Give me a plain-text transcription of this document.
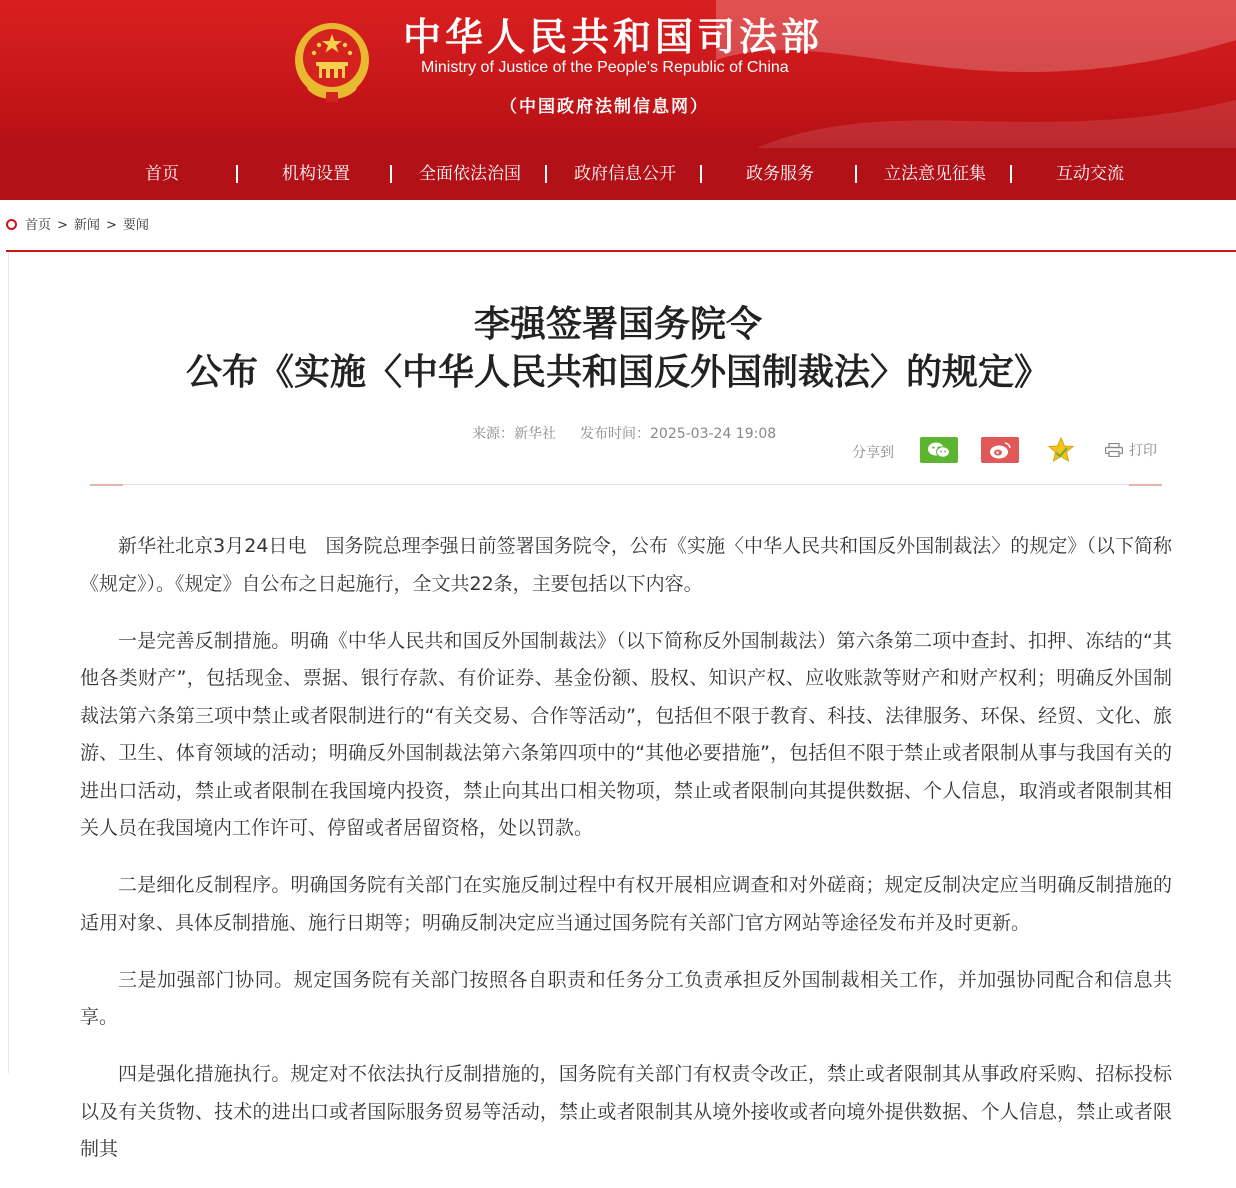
中华人民共和国司法部
Ministry of Justice of the People's Republic of China
（中国政府法制信息网）
首页	机构设置	全面依法治国	政府信息公开	政务服务	立法意见征集	互动交流
首页 > 新闻 > 要闻
李强签署国务院令
公布《实施〈中华人民共和国反外国制裁法〉的规定》
来源：新华社 发布时间：2025-03-24 19:08
分享到	打印

新华社北京3月24日电　国务院总理李强日前签署国务院令，公布《实施〈中华人民共和国反外国制裁法〉的规定》（以下简称《规定》）。《规定》自公布之日起施行，全文共22条，主要包括以下内容。

一是完善反制措施。明确《中华人民共和国反外国制裁法》（以下简称反外国制裁法）第六条第二项中查封、扣押、冻结的“其他各类财产”，包括现金、票据、银行存款、有价证券、基金份额、股权、知识产权、应收账款等财产和财产权利；明确反外国制裁法第六条第三项中禁止或者限制进行的“有关交易、合作等活动”，包括但不限于教育、科技、法律服务、环保、经贸、文化、旅游、卫生、体育领域的活动；明确反外国制裁法第六条第四项中的“其他必要措施”，包括但不限于禁止或者限制从事与我国有关的进出口活动，禁止或者限制在我国境内投资，禁止向其出口相关物项，禁止或者限制向其提供数据、个人信息，取消或者限制其相关人员在我国境内工作许可、停留或者居留资格，处以罚款。

二是细化反制程序。明确国务院有关部门在实施反制过程中有权开展相应调查和对外磋商；规定反制决定应当明确反制措施的适用对象、具体反制措施、施行日期等；明确反制决定应当通过国务院有关部门官方网站等途径发布并及时更新。

三是加强部门协同。规定国务院有关部门按照各自职责和任务分工负责承担反外国制裁相关工作，并加强协同配合和信息共享。

四是强化措施执行。规定对不依法执行反制措施的，国务院有关部门有权责令改正，禁止或者限制其从事政府采购、招标投标以及有关货物、技术的进出口或者国际服务贸易等活动，禁止或者限制其从境外接收或者向境外提供数据、个人信息，禁止或者限制其
